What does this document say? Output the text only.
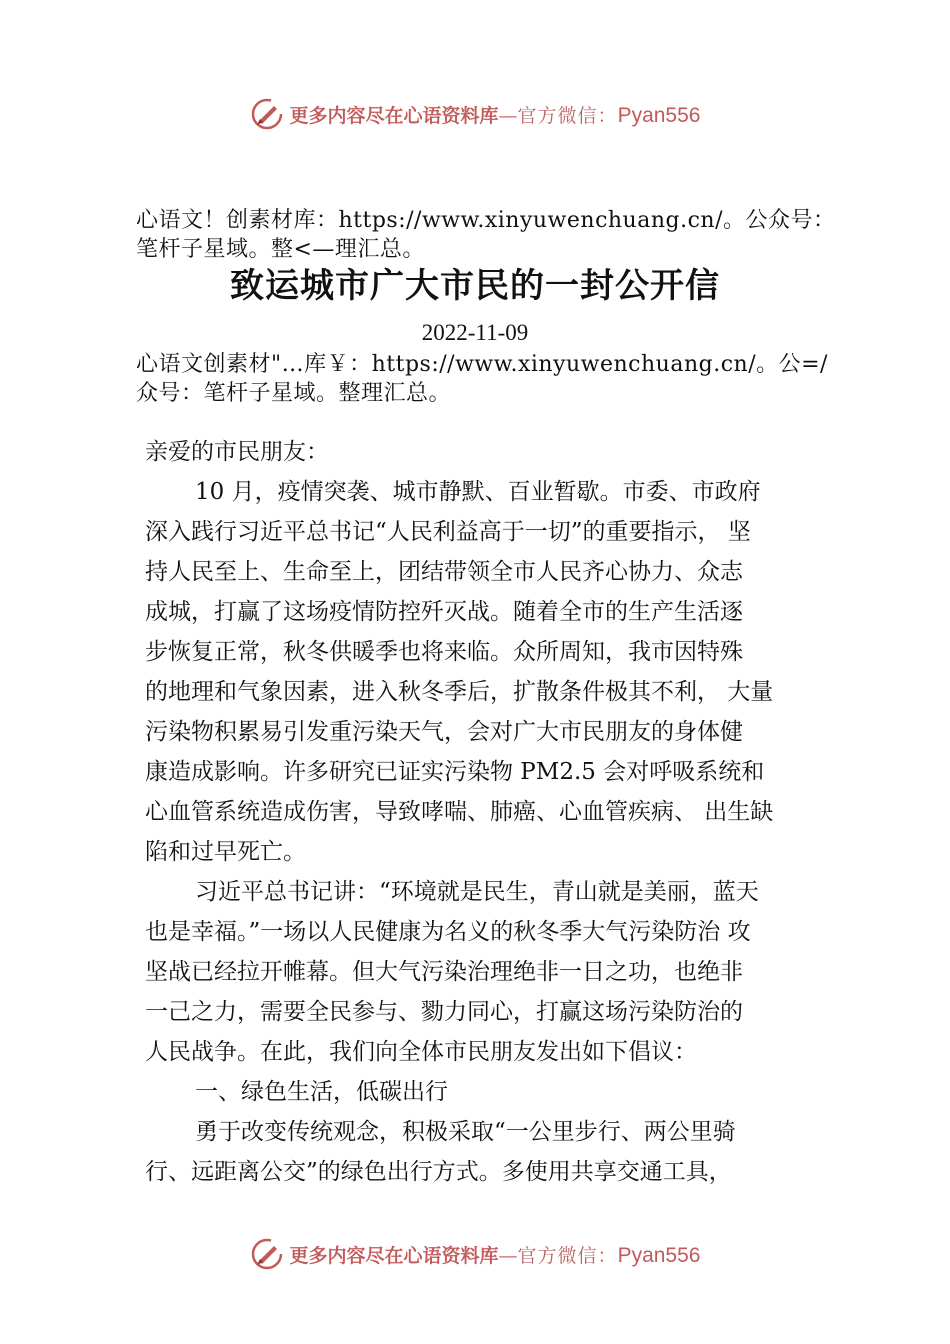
更多内容尽在心语资料库—官方微信：Pyan556
心语文！创素材库：https://www.xinyuwenchuang.cn/。公众号：笔杆子星域。整<—理汇总。
致运城市广大市民的一封公开信
2022-11-09
心语文创素材"…库￥：https://www.xinyuwenchuang.cn/。公=/众号：笔杆子星域。整理汇总。
亲爱的市民朋友：
10 月，疫情突袭、城市静默、百业暂歇。市委、市政府
深入践行习近平总书记“人民利益高于一切”的重要指示， 坚
持人民至上、生命至上，团结带领全市人民齐心协力、众志
成城，打赢了这场疫情防控歼灭战。随着全市的生产生活逐
步恢复正常，秋冬供暖季也将来临。众所周知，我市因特殊
的地理和气象因素，进入秋冬季后，扩散条件极其不利， 大量
污染物积累易引发重污染天气，会对广大市民朋友的身体健
康造成影响。许多研究已证实污染物 PM2.5 会对呼吸系统和
心血管系统造成伤害，导致哮喘、肺癌、心血管疾病、 出生缺
陷和过早死亡。
习近平总书记讲：“环境就是民生，青山就是美丽，蓝天
也是幸福。”一场以人民健康为名义的秋冬季大气污染防治 攻
坚战已经拉开帷幕。但大气污染治理绝非一日之功，也绝非
一己之力，需要全民参与、勠力同心，打赢这场污染防治的
人民战争。在此，我们向全体市民朋友发出如下倡议：
一、绿色生活，低碳出行
勇于改变传统观念，积极采取“一公里步行、两公里骑
行、远距离公交”的绿色出行方式。多使用共享交通工具，
更多内容尽在心语资料库—官方微信：Pyan556
